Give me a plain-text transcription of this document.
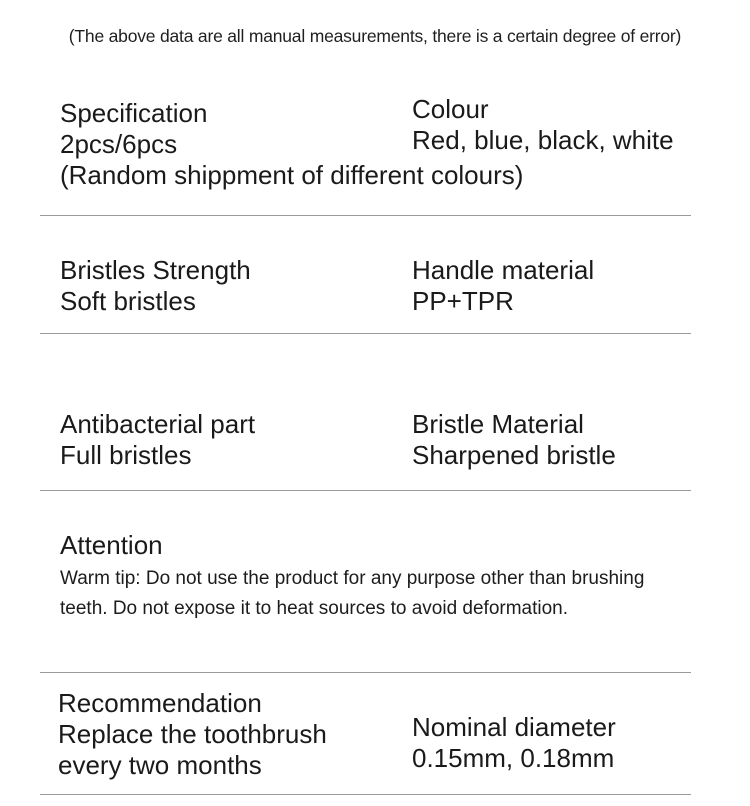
(The above data are all manual measurements, there is a certain degree of error)
Specification
2pcs/6pcs
(Random shippment of different colours)
Colour
Red, blue, black, white
Bristles Strength
Soft bristles
Handle material
PP+TPR
Antibacterial part
Full bristles
Bristle Material
Sharpened bristle
Attention
Warm tip: Do not use the product for any purpose other than brushing teeth. Do not expose it to heat sources to avoid deformation.
Recommendation
Replace the toothbrush
every two months
Nominal diameter
0.15mm, 0.18mm
